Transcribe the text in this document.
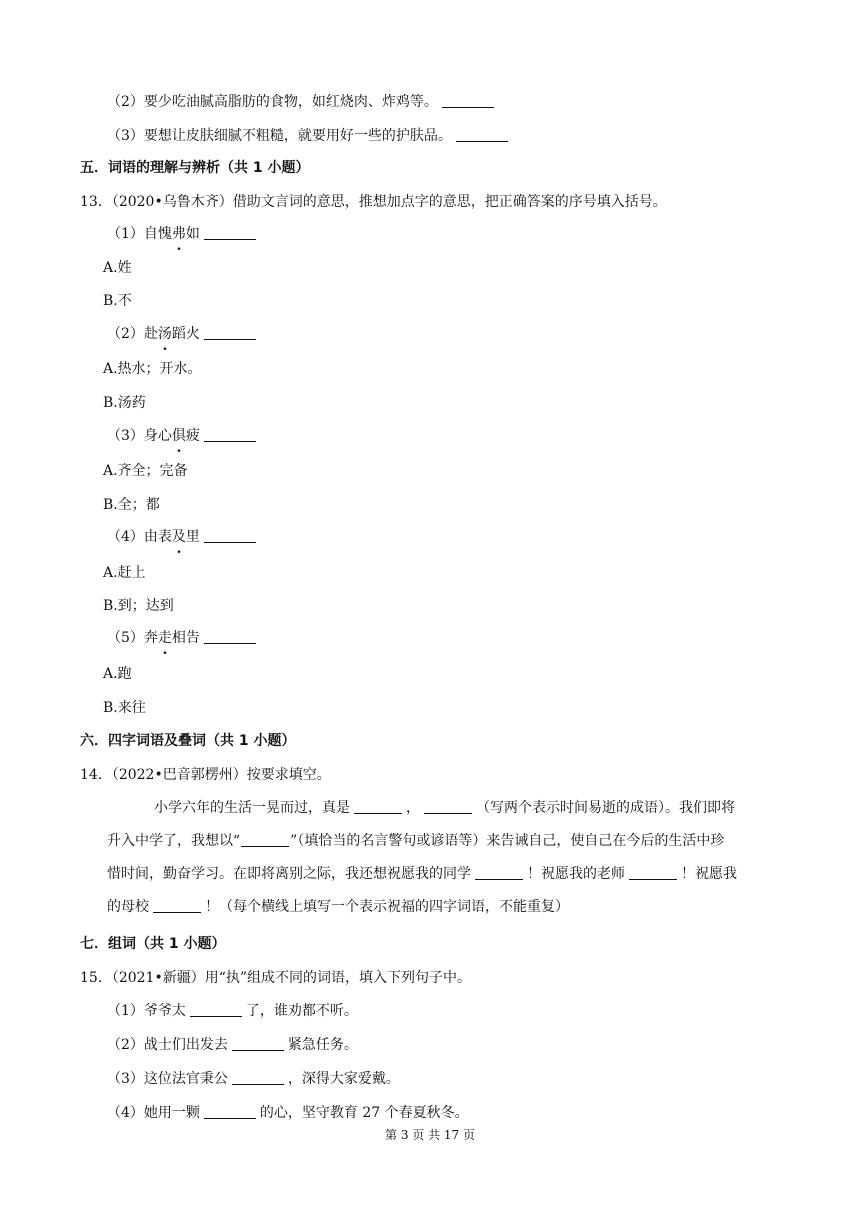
（2）要少吃油腻高脂肪的食物，如红烧肉、炸鸡等。
（3）要想让皮肤细腻不粗糙，就要用好一些的护肤品。
五．词语的理解与辨析（共 1 小题）
13．（2020•乌鲁木齐）借助文言词的意思，推想加点字的意思，把正确答案的序号填入括号。
（1）自愧弗如
A.姓
B.不
（2）赴汤蹈火
A.热水；开水。
B.汤药
（3）身心俱疲
A.齐全；完备
B.全；都
（4）由表及里
A.赶上
B.到；达到
（5）奔走相告
A.跑
B.来往
六．四字词语及叠词（共 1 小题）
14．（2022•巴音郭楞州）按要求填空。
小学六年的生活一晃而过，真是	，	（写两个表示时间易逝的成语）。我们即将
升入中学了，我想以“	”（填恰当的名言警句或谚语等）来告诫自己，使自己在今后的生活中珍
惜时间，勤奋学习。在即将离别之际，我还想祝愿我的同学	！祝愿我的老师	！祝愿我
的母校	！（每个横线上填写一个表示祝福的四字词语，不能重复）
七．组词（共 1 小题）
15．（2021•新疆）用“执”组成不同的词语，填入下列句子中。
（1）爷爷太	了，谁劝都不听。
（2）战士们出发去	紧急任务。
（3）这位法官秉公	，深得大家爱戴。
（4）她用一颗	的心，坚守教育 27 个春夏秋冬。
第 3 页 共 17 页
